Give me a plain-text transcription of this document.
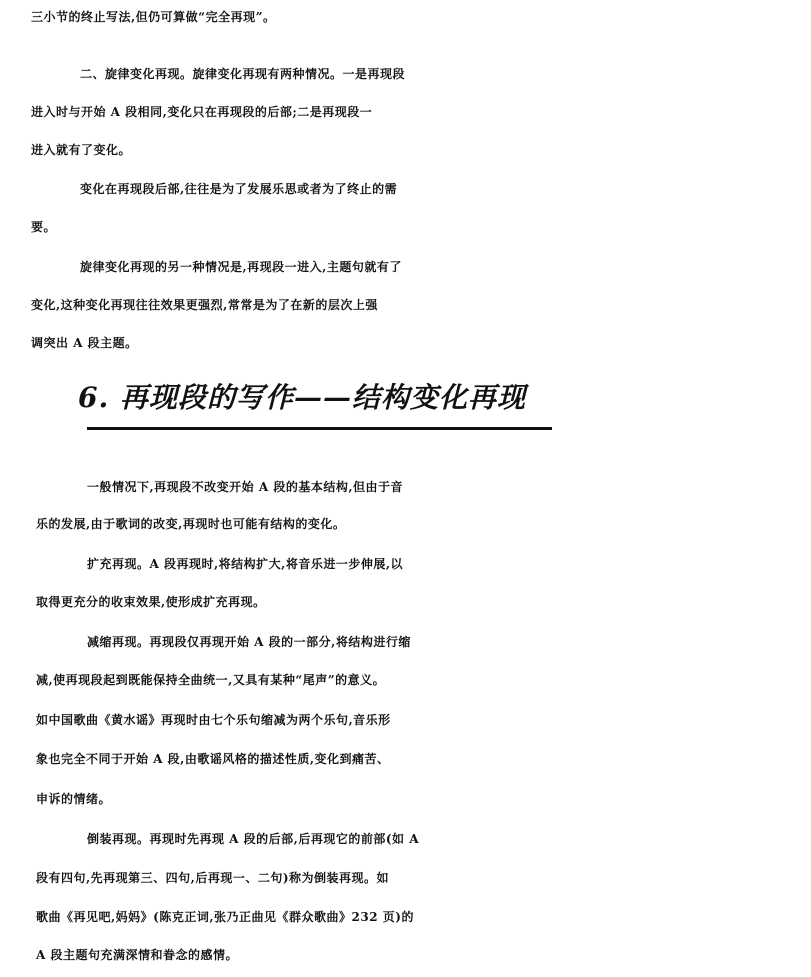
三小节的终止写法,但仍可算做“完全再现”。
二、旋律变化再现。旋律变化再现有两种情况。一是再现段
进入时与开始 A 段相同,变化只在再现段的后部;二是再现段一
进入就有了变化。
变化在再现段后部,往往是为了发展乐思或者为了终止的需
要。
旋律变化再现的另一种情况是,再现段一进入,主题句就有了
变化,这种变化再现往往效果更强烈,常常是为了在新的层次上强
调突出 A 段主题。
6. 再现段的写作——结构变化再现
一般情况下,再现段不改变开始 A 段的基本结构,但由于音
乐的发展,由于歌词的改变,再现时也可能有结构的变化。
扩充再现。A 段再现时,将结构扩大,将音乐进一步伸展,以
取得更充分的收束效果,使形成扩充再现。
减缩再现。再现段仅再现开始 A 段的一部分,将结构进行缩
减,使再现段起到既能保持全曲统一,又具有某种“尾声”的意义。
如中国歌曲《黄水谣》再现时由七个乐句缩减为两个乐句,音乐形
象也完全不同于开始 A 段,由歌谣风格的描述性质,变化到痛苦、
申诉的情绪。
倒装再现。再现时先再现 A 段的后部,后再现它的前部(如 A
段有四句,先再现第三、四句,后再现一、二句)称为倒装再现。如
歌曲《再见吧,妈妈》(陈克正词,张乃正曲见《群众歌曲》232 页)的
A 段主题句充满深情和眷念的感情。
